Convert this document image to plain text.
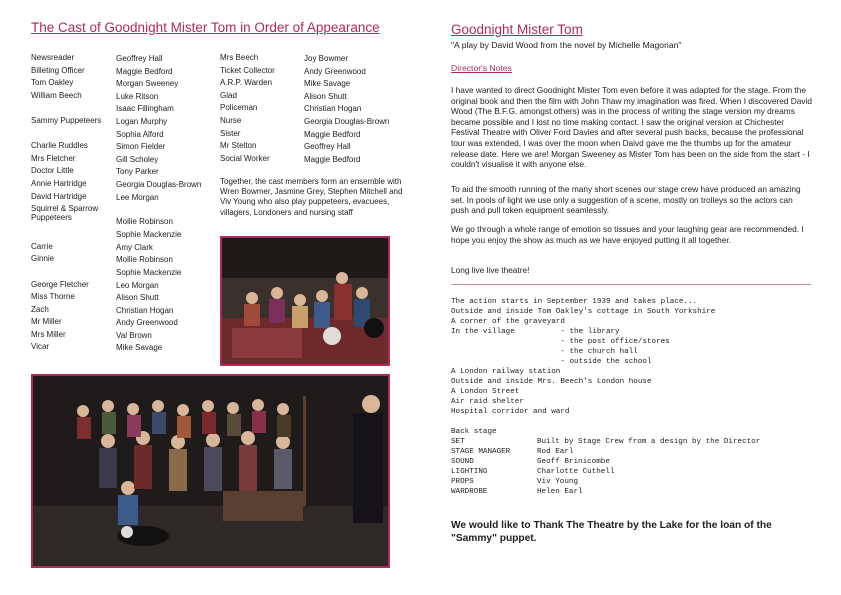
The Cast of Goodnight Mister Tom in Order of Appearance
Newsreader	Geoffrey Hall
Billeting Officer	Maggie Bedford
Tom Oakley	Morgan Sweeney
William Beech	Luke Ritson
Isaac Fillingham
Sammy Puppeteers	Logan Murphy
Sophia Alford
Charlie Ruddles	Simon Fielder
Mrs Fletcher	Gill Scholey
Doctor Little	Tony Parker
Annie Hartridge	Georgia Douglas-Brown
David Hartridge	Lee Morgan
Squirrel & Sparrow Puppeteers	Mollie Robinson
Sophie Mackenzie
Carrie	Amy Clark
Ginnie	Mollie Robinson
Sophie Mackenzie
George Fletcher	Leo Morgan
Miss Thorne	Alison Shutt
Zach	Christian Hogan
Mr Miller	Andy Greenwood
Mrs Miller	Val Brown
Vicar	Mike Savage
Mrs Beech	Joy Bowmer
Ticket Collector	Andy Greenwood
A.R.P. Warden	Mike Savage
Glad	Alison Shutt
Policeman	Christian Hogan
Nurse	Georgia Douglas-Brown
Sister	Maggie Bedford
Mr Stelton	Geoffrey Hall
Social Worker	Maggie Bedford
Together, the cast members form an ensemble with Wren Bowmer, Jasmine Grey, Stephen Mitchell and Viv Young who also play puppeteers, evacuees, villagers, Londoners and nursing staff
Goodnight Mister Tom
"A play by David Wood from the novel by Michelle Magorian"
Director's Notes
I have wanted to direct Goodnight Mister Tom even before it was adapted for the stage. From the original book and then the film with John Thaw my imagination was fired. When I discovered David Wood (The B.F.G. amongst others) was in the process of writing the stage version my dreams became possible and I lost no time making contact. I saw the original version at Chichester Festival Theatre with Oliver Ford Davies and after several push backs, because the professional tour was extended, I was over the moon when Daivd gave me the thumbs up for the amateur release date. Here we are! Morgan Sweeney as Mister Tom has been on the side from the start - I couldn't visualise it with anyone else.
To aid the smooth running of the many short scenes our stage crew have produced an amazing set. In pools of light we use only a suggestion of a scene, mostly on trolleys so the actors can push and pull token equipment seamlessly.
We go through a whole range of emotion so tissues and your laughing gear are recommended. I hope you enjoy the show as much as we have enjoyed putting it all together.
Long live live theatre!
The action starts in September 1939 and takes place...
Outside and inside Tom Oakley's cottage in South Yorkshire
A corner of the graveyard
In the village          - the library
- the post office/stores
- the church hall
- outside the school
A London railway station
Outside and inside Mrs. Beech's London house
A London Street
Air raid shelter
Hospital corridor and ward
Back stage
SET	Built by Stage Crew from a design by the Director
STAGE MANAGER	Rod Earl
SOUND	Geoff Brinicombe
LIGHTING	Charlotte Cuthell
PROPS	Viv Young
WARDROBE	Helen Earl
We would like to Thank The Theatre by the Lake for the loan of the "Sammy" puppet.
